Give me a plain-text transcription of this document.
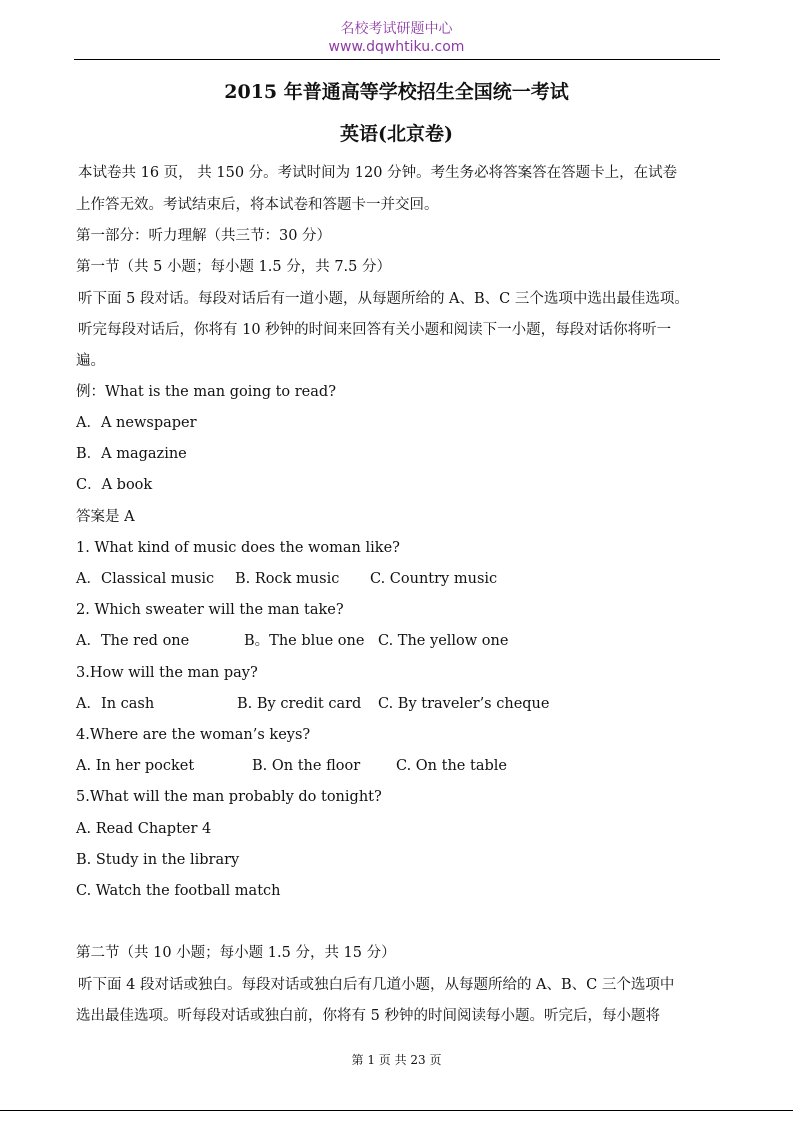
名校考试研题中心
www.dqwhtiku.com
2015 年普通高等学校招生全国统一考试
英语(北京卷)
本试卷共 16 页， 共 150 分。考试时间为 120 分钟。考生务必将答案答在答题卡上，在试卷
上作答无效。考试结束后，将本试卷和答题卡一并交回。
第一部分：听力理解（共三节：30 分）
第一节（共 5 小题；每小题 1.5 分，共 7.5 分）
听下面 5 段对话。每段对话后有一道小题，从每题所给的 A、B、C 三个选项中选出最佳选项。
听完每段对话后，你将有 10 秒钟的时间来回答有关小题和阅读下一小题，每段对话你将听一
遍。
例：What is the man going to read?
A．A newspaper
B．A magazine
C．A book
答案是 A
1. What kind of music does the woman like?
A．Classical music B. Rock music C. Country music
2. Which sweater will the man take?
A．The red one	B。The blue one C. The yellow one
3.How will the man pay?
A．In cash	B. By credit card C. By traveler’s cheque
4.Where are the woman’s keys?
A. In her pocket	B. On the floor C. On the table
5.What will the man probably do tonight?
A. Read Chapter 4
B. Study in the library
C. Watch the football match
第二节（共 10 小题；每小题 1.5 分，共 15 分）
听下面 4 段对话或独白。每段对话或独白后有几道小题，从每题所给的 A、B、C 三个选项中
选出最佳选项。听每段对话或独白前，你将有 5 秒钟的时间阅读每小题。听完后，每小题将
第 1 页 共 23 页
